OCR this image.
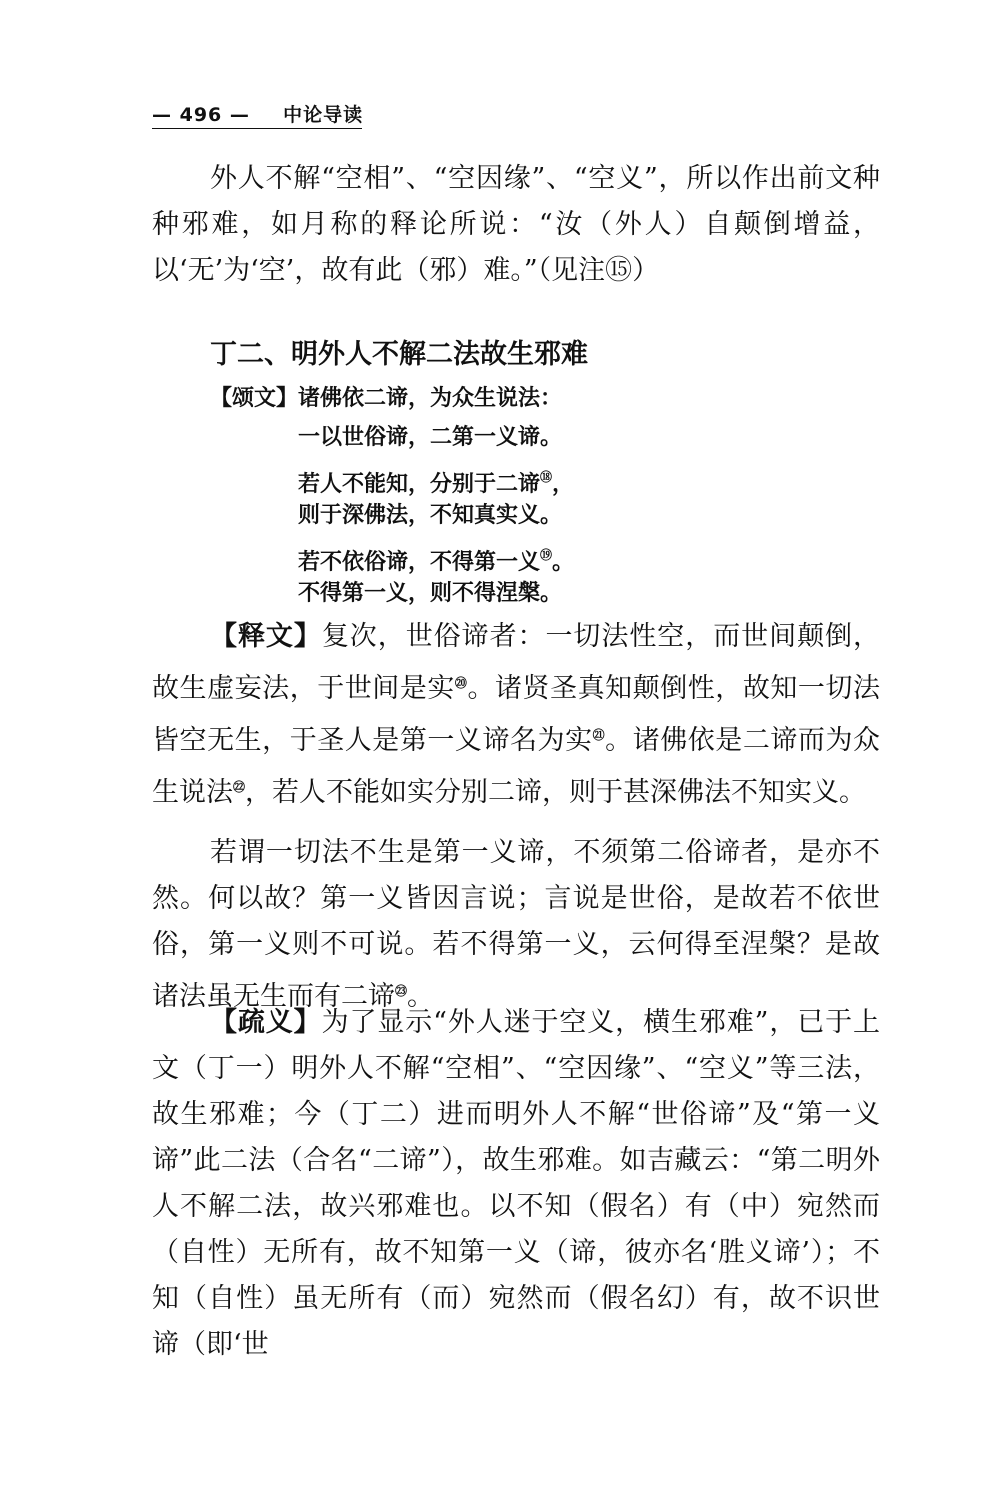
— 496 — 中论导读
外人不解“空相”、“空因缘”、“空义”，所以作出前文种种邪难，如月称的释论所说：“汝（外人）自颠倒增益，以‘无’为‘空’，故有此（邪）难。”（见注⑮）
丁二、明外人不解二法故生邪难
【颂文】诸佛依二谛，为众生说法：
一以世俗谛，二第一义谛。
若人不能知，分别于二谛⑱，
则于深佛法，不知真实义。
若不依俗谛，不得第一义⑲。
不得第一义，则不得涅槃。
【释文】复次，世俗谛者：一切法性空，而世间颠倒，故生虚妄法，于世间是实⑳。诸贤圣真知颠倒性，故知一切法皆空无生，于圣人是第一义谛名为实$^㉑$。诸佛依是二谛而为众生说法$^㉒$，若人不能如实分别二谛，则于甚深佛法不知实义。
若谓一切法不生是第一义谛，不须第二俗谛者，是亦不然。何以故？第一义皆因言说；言说是世俗，是故若不依世俗，第一义则不可说。若不得第一义，云何得至涅槃？是故诸法虽无生而有二谛$^㉓$。
【疏义】为了显示“外人迷于空义，横生邪难”，已于上文（丁一）明外人不解“空相”、“空因缘”、“空义”等三法，故生邪难；今（丁二）进而明外人不解“世俗谛”及“第一义谛”此二法（合名“二谛”），故生邪难。如吉藏云：“第二明外人不解二法，故兴邪难也。以不知（假名）有（中）宛然而（自性）无所有，故不知第一义（谛，彼亦名‘胜义谛’）；不知（自性）虽无所有（而）宛然而（假名幻）有，故不识世谛（即‘世
